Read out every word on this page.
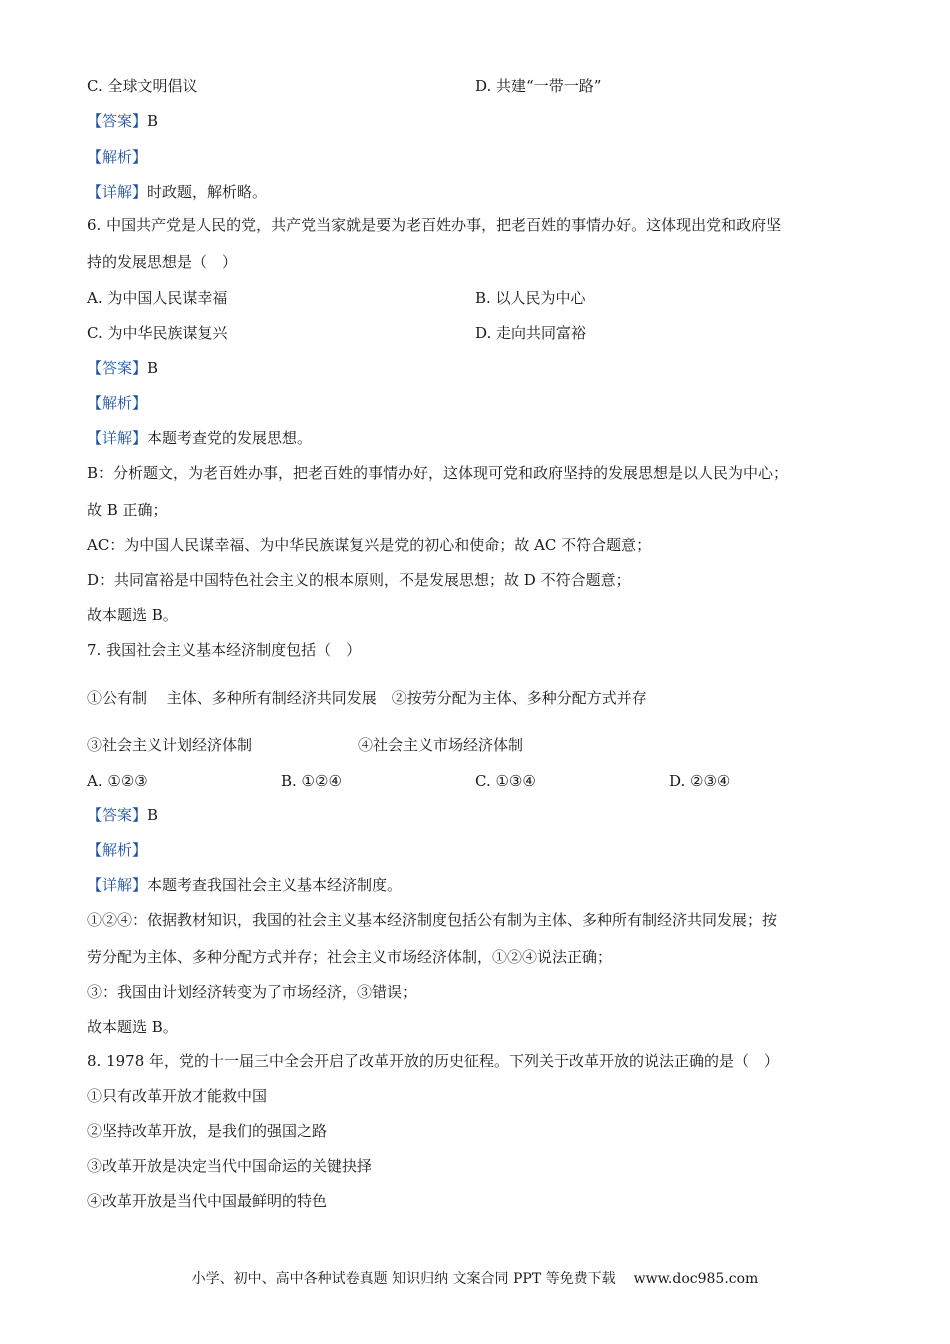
C. 全球文明倡议	D. 共建“一带一路”
【答案】B
【解析】
【详解】时政题，解析略。
6. 中国共产党是人民的党，共产党当家就是要为老百姓办事，把老百姓的事情办好。这体现出党和政府坚
持的发展思想是（　）
A. 为中国人民谋幸福	B. 以人民为中心
C. 为中华民族谋复兴	D. 走向共同富裕
【答案】B
【解析】
【详解】本题考查党的发展思想。
B：分析题文，为老百姓办事，把老百姓的事情办好，这体现可党和政府坚持的发展思想是以人民为中心；
故 B 正确；
AC：为中国人民谋幸福、为中华民族谋复兴是党的初心和使命；故 AC 不符合题意；
D：共同富裕是中国特色社会主义的根本原则，不是发展思想；故 D 不符合题意；
故本题选 B。
7. 我国社会主义基本经济制度包括（　）
①公有制　 主体、多种所有制经济共同发展　②按劳分配为主体、多种分配方式并存
③社会主义计划经济体制	④社会主义市场经济体制
A. ①②③	B. ①②④	C. ①③④	D. ②③④
【答案】B
【解析】
【详解】本题考查我国社会主义基本经济制度。
①②④：依据教材知识，我国的社会主义基本经济制度包括公有制为主体、多种所有制经济共同发展；按
劳分配为主体、多种分配方式并存；社会主义市场经济体制，①②④说法正确；
③：我国由计划经济转变为了市场经济，③错误；
故本题选 B。
8. 1978 年，党的十一届三中全会开启了改革开放的历史征程。下列关于改革开放的说法正确的是（　）
①只有改革开放才能救中国
②坚持改革开放，是我们的强国之路
③改革开放是决定当代中国命运的关键抉择
④改革开放是当代中国最鲜明的特色
小学、初中、高中各种试卷真题 知识归纳 文案合同 PPT 等免费下载 www.doc985.com
